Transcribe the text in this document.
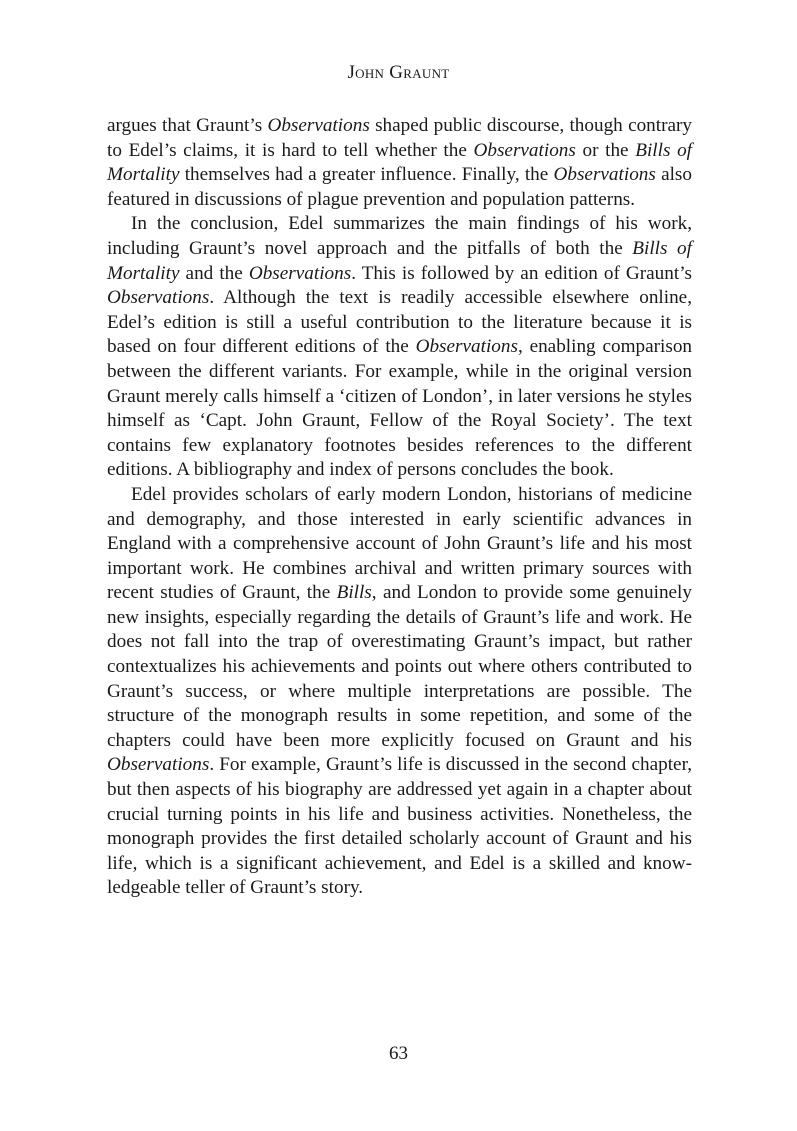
John Graunt

argues that Graunt’s Observations shaped public discourse, though contrary to Edel’s claims, it is hard to tell whether the Observations or the Bills of Mortality themselves had a greater influence. Finally, the Observations also featured in discussions of plague prevention and population patterns.

In the conclusion, Edel summarizes the main findings of his work, including Graunt’s novel approach and the pitfalls of both the Bills of Mortality and the Observations. This is followed by an edition of Graunt’s Observations. Although the text is readily accessible elsewhere online, Edel’s edition is still a useful contribution to the literature because it is based on four different editions of the Observations, enabling comparison between the different variants. For example, while in the original version Graunt merely calls himself a ‘citizen of London’, in later versions he styles himself as ‘Capt. John Graunt, Fellow of the Royal Society’. The text contains few explanatory footnotes besides references to the different editions. A bibliography and index of persons concludes the book.

Edel provides scholars of early modern London, historians of medicine and demography, and those interested in early scientific advances in England with a comprehensive account of John Graunt’s life and his most important work. He combines archival and written primary sources with recent studies of Graunt, the Bills, and London to provide some genuinely new insights, especially regarding the details of Graunt’s life and work. He does not fall into the trap of overestimating Graunt’s impact, but rather contextualizes his achievements and points out where others contributed to Graunt’s success, or where multiple interpretations are possible. The structure of the monograph results in some repetition, and some of the chapters could have been more explicitly focused on Graunt and his Observations. For example, Graunt’s life is discussed in the second chapter, but then aspects of his biography are addressed yet again in a chapter about crucial turning points in his life and business activities. Nonetheless, the monograph provides the first detailed scholarly account of Graunt and his life, which is a significant achievement, and Edel is a skilled and knowledgeable teller of Graunt’s story.

63
